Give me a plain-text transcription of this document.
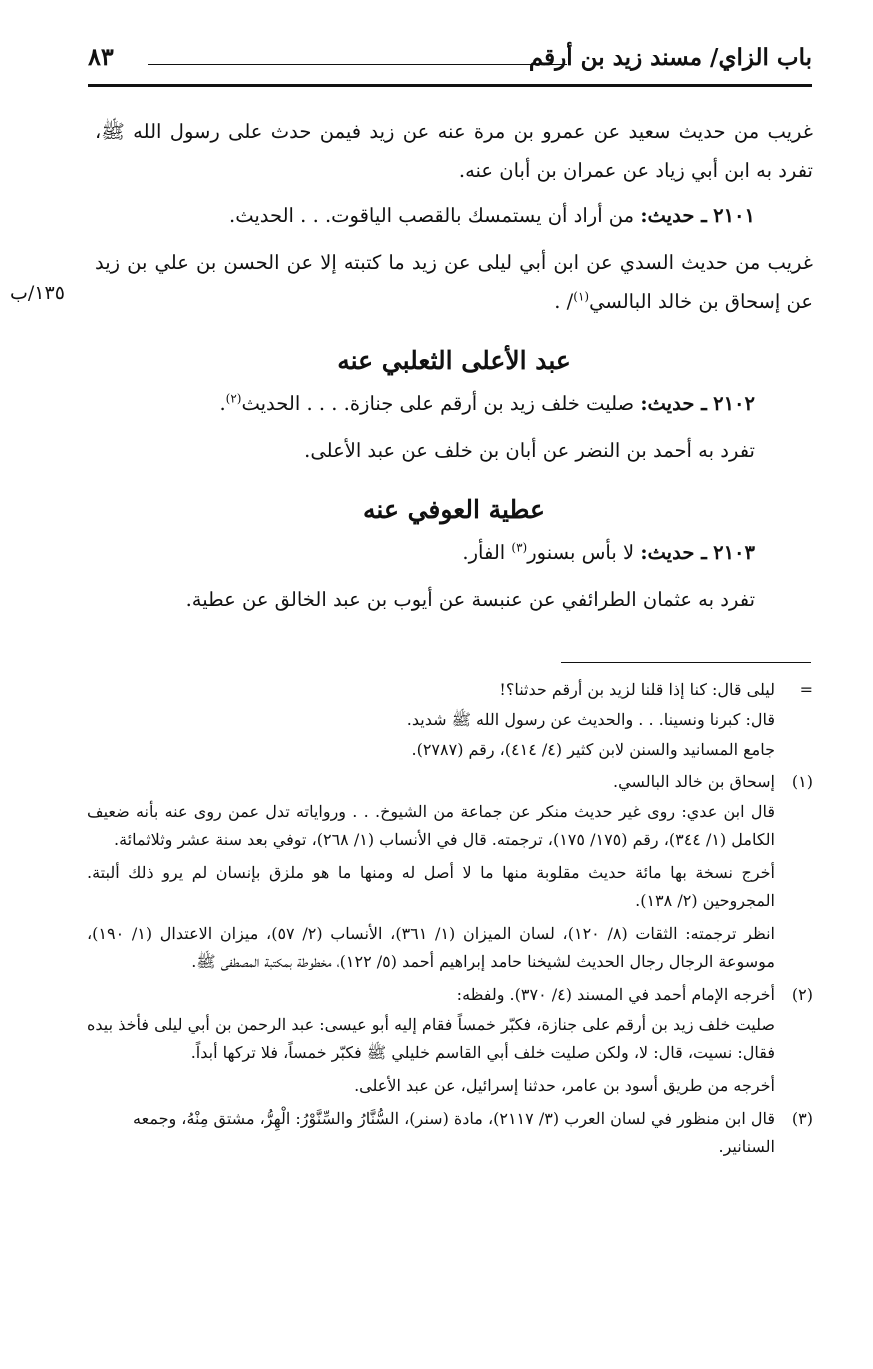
باب الزاي/ مسند زيد بن أرقم
٨٣
١٣٥/ب

غريب من حديث سعيد عن عمرو بن مرة عنه عن زيد فيمن حدث على رسول الله ﷺ، تفرد به ابن أبي زياد عن عمران بن أبان عنه.

٢١٠١ ـ حديث: من أراد أن يستمسك بالقصب الياقوت. . . الحديث.

غريب من حديث السدي عن ابن أبي ليلى عن زيد ما كتبته إلا عن الحسن بن علي بن زيد عن إسحاق بن خالد البالسي$^{(١)}$/ .

عبد الأعلى الثعلبي عنه

٢١٠٢ ـ حديث: صليت خلف زيد بن أرقم على جنازة. . . . الحديث$^{(٢)}$.

تفرد به أحمد بن النضر عن أبان بن خلف عن عبد الأعلى.

عطية العوفي عنه

٢١٠٣ ـ حديث: لا بأس بسنور$^{(٣)}$ الفأر.

تفرد به عثمان الطرائفي عن عنبسة عن أيوب بن عبد الخالق عن عطية.

=

ليلى قال: كنا إذا قلنا لزيد بن أرقم حدثنا؟!

قال: كبرنا ونسينا. . . والحديث عن رسول الله ﷺ شديد.

جامع المسانيد والسنن لابن كثير (٤/ ٤١٤)، رقم (٢٧٨٧).

(١)
إسحاق بن خالد البالسي.

قال ابن عدي: روى غير حديث منكر عن جماعة من الشيوخ. . . ورواياته تدل عمن روى عنه بأنه ضعيف الكامل (١/ ٣٤٤)، رقم (١٧٥/ ١٧٥)، ترجمته. قال في الأنساب (١/ ٢٦٨)، توفي بعد سنة عشر وثلاثمائة.

أخرج نسخة بها مائة حديث مقلوبة منها ما لا أصل له ومنها ما هو ملزق بإنسان لم يرو ذلك ألبتة. المجروحين (٢/ ١٣٨).

انظر ترجمته: الثقات (٨/ ١٢٠)، لسان الميزان (١/ ٣٦١)، الأنساب (٢/ ٥٧)، ميزان الاعتدال (١/ ١٩٠)، موسوعة الرجال رجال الحديث لشيخنا حامد إبراهيم أحمد (٥/ ١٢٢)، مخطوطة بمكتبة المصطفى ﷺ.

(٢)
أخرجه الإمام أحمد في المسند (٤/ ٣٧٠). ولفظه:

صليت خلف زيد بن أرقم على جنازة، فكبّر خمساً فقام إليه أبو عيسى: عبد الرحمن بن أبي ليلى فأخذ بيده فقال: نسيت، قال: لا، ولكن صليت خلف أبي القاسم خليلي ﷺ فكبّر خمساً، فلا تركها أبداً.

أخرجه من طريق أسود بن عامر، حدثنا إسرائيل، عن عبد الأعلى.

(٣)
قال ابن منظور في لسان العرب (٣/ ٢١١٧)، مادة (سنر)، السُّنَّارُ والسِّنَّوْرُ: الْهِرُّ، مشتق مِنْهُ، وجمعه السنانير.
